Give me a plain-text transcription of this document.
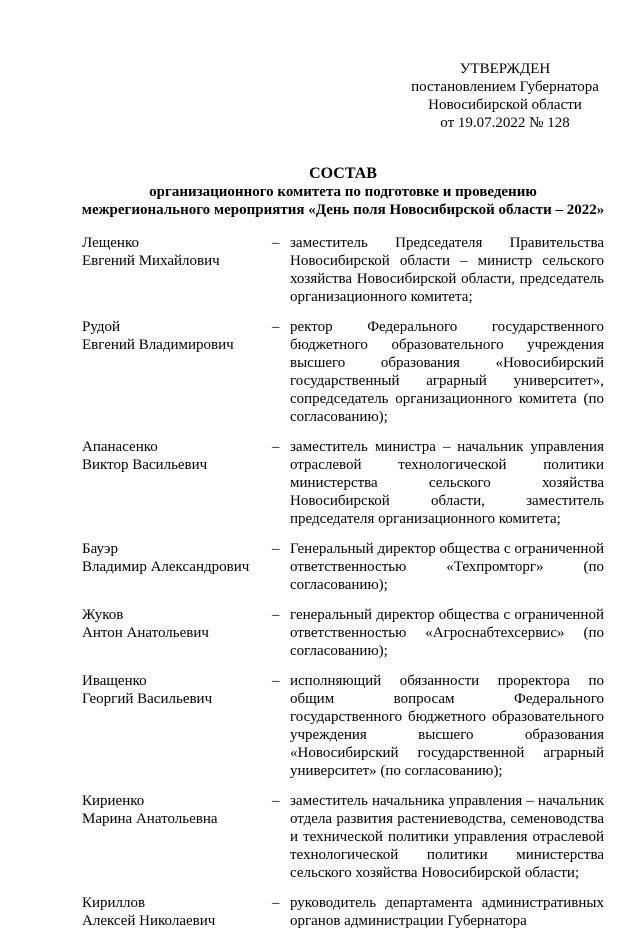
УТВЕРЖДЕН
постановлением Губернатора
Новосибирской области
от 19.07.2022 № 128
СОСТАВ
организационного комитета по подготовке и проведению
межрегионального мероприятия «День поля Новосибирской области – 2022»
Лещенко
Евгений Михайлович
– заместитель Председателя Правительства Новосибирской области – министр сельского хозяйства Новосибирской области, председатель организационного комитета;
Рудой
Евгений Владимирович
– ректор Федерального государственного бюджетного образовательного учреждения высшего образования «Новосибирский государственный аграрный университет», сопредседатель организационного комитета (по согласованию);
Апанасенко
Виктор Васильевич
– заместитель министра – начальник управления отраслевой технологической политики министерства сельского хозяйства Новосибирской области, заместитель председателя организационного комитета;
Бауэр
Владимир Александрович
– Генеральный директор общества с ограниченной ответственностью «Техпромторг» (по согласованию);
Жуков
Антон Анатольевич
– генеральный директор общества с ограниченной ответственностью «Агроснабтехсервис» (по согласованию);
Иващенко
Георгий Васильевич
– исполняющий обязанности проректора по общим вопросам Федерального государственного бюджетного образовательного учреждения высшего образования «Новосибирский государственной аграрный университет» (по согласованию);
Кириенко
Марина Анатольевна
– заместитель начальника управления – начальник отдела развития растениеводства, семеноводства и технической политики управления отраслевой технологической политики министерства сельского хозяйства Новосибирской области;
Кириллов
Алексей Николаевич
– руководитель департамента административных органов администрации Губернатора
